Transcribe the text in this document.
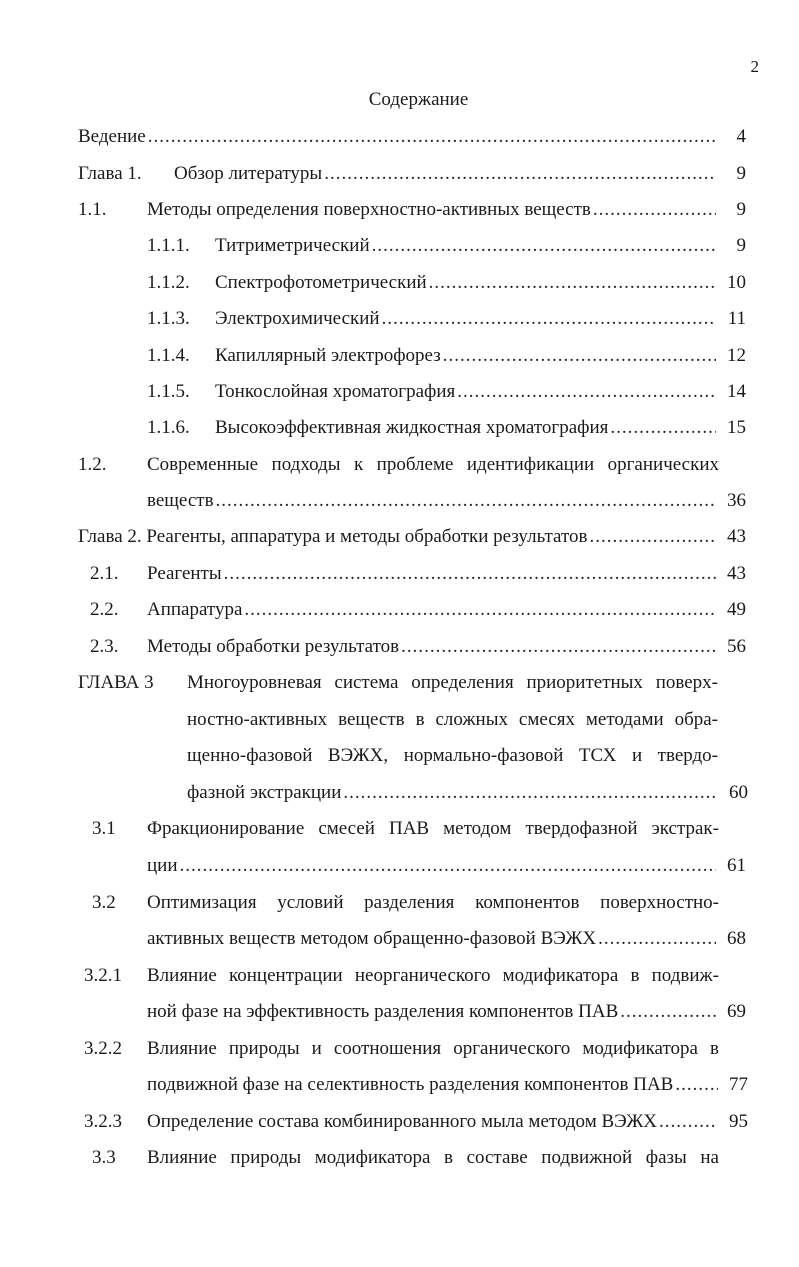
2
Содержание
Ведение .....	4
Глава 1. Обзор литературы .....	9
1.1. Методы определения поверхностно-активных веществ .....	9
1.1.1. Титриметрический .....	9
1.1.2. Спектрофотометрический .....	10
1.1.3. Электрохимический .....	11
1.1.4. Капиллярный электрофорез .....	12
1.1.5. Тонкослойная хроматография .....	14
1.1.6. Высокоэффективная жидкостная хроматография .....	15
1.2. Современные подходы к проблеме идентификации органических
веществ .....	36
Глава 2. Реагенты, аппаратура и методы обработки результатов .....	43
2.1. Реагенты .....	43
2.2. Аппаратура .....	49
2.3. Методы обработки результатов .....	56
ГЛАВА 3 Многоуровневая система определения приоритетных поверх-
ностно-активных веществ в сложных смесях методами обра-
щенно-фазовой ВЭЖХ, нормально-фазовой ТСХ и твердо-
фазной экстракции .....	60
3.1 Фракционирование смесей ПАВ методом твердофазной экстрак-
ции .....	61
3.2 Оптимизация условий разделения компонентов поверхностно-
активных веществ методом обращенно-фазовой ВЭЖХ .....	68
3.2.1 Влияние концентрации неорганического модификатора в подвиж-
ной фазе на эффективность разделения компонентов ПАВ .....	69
3.2.2 Влияние природы и соотношения органического модификатора в
подвижной фазе на селективность разделения компонентов ПАВ .....	77
3.2.3 Определение состава комбинированного мыла методом ВЭЖХ .....	95
3.3 Влияние природы модификатора в составе подвижной фазы на
